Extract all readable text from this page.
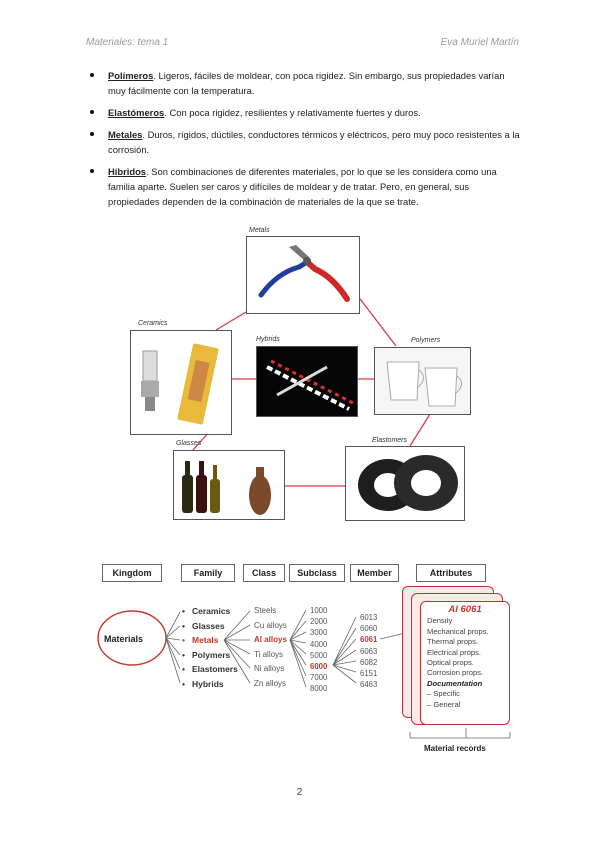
Materiales: tema 1	Eva Muriel Martín
Polímeros. Ligeros, fáciles de moldear, con poca rigidez. Sin embargo, sus propiedades varían muy fácilmente con la temperatura.
Elastómeros. Con poca rigidez, resilientes y relativamente fuertes y duros.
Metales. Duros, rígidos, dúctiles, conductores térmicos y eléctricos, pero muy poco resistentes a la corrosión.
Híbridos. Son combinaciones de diferentes materiales, por lo que se les considera como una familia aparte. Suelen ser caros y difíciles de moldear y de tratar. Pero, en general, sus propiedades dependen de la combinación de materiales de la que se trate.
Metals
Ceramics
Hybrids	Polymers
Glasses	Elastomers
Kingdom	Family	Class	Subclass	Member	Attributes
Materials
• Ceramics
• Glasses
• Metals
• Polymers
• Elastomers
• Hybrids
Steels
Cu alloys
Al alloys
Ti alloys
Ni alloys
Zn alloys
1000
2000
3000
4000
5000
6000
7000
8000
6013
6060
6061
6063
6082
6151
6463
Al 6061
Density
Mechanical props.
Thermal props.
Electrical props.
Optical props.
Corrosion props.
Documentation
– Specific
– General
Material records
2
